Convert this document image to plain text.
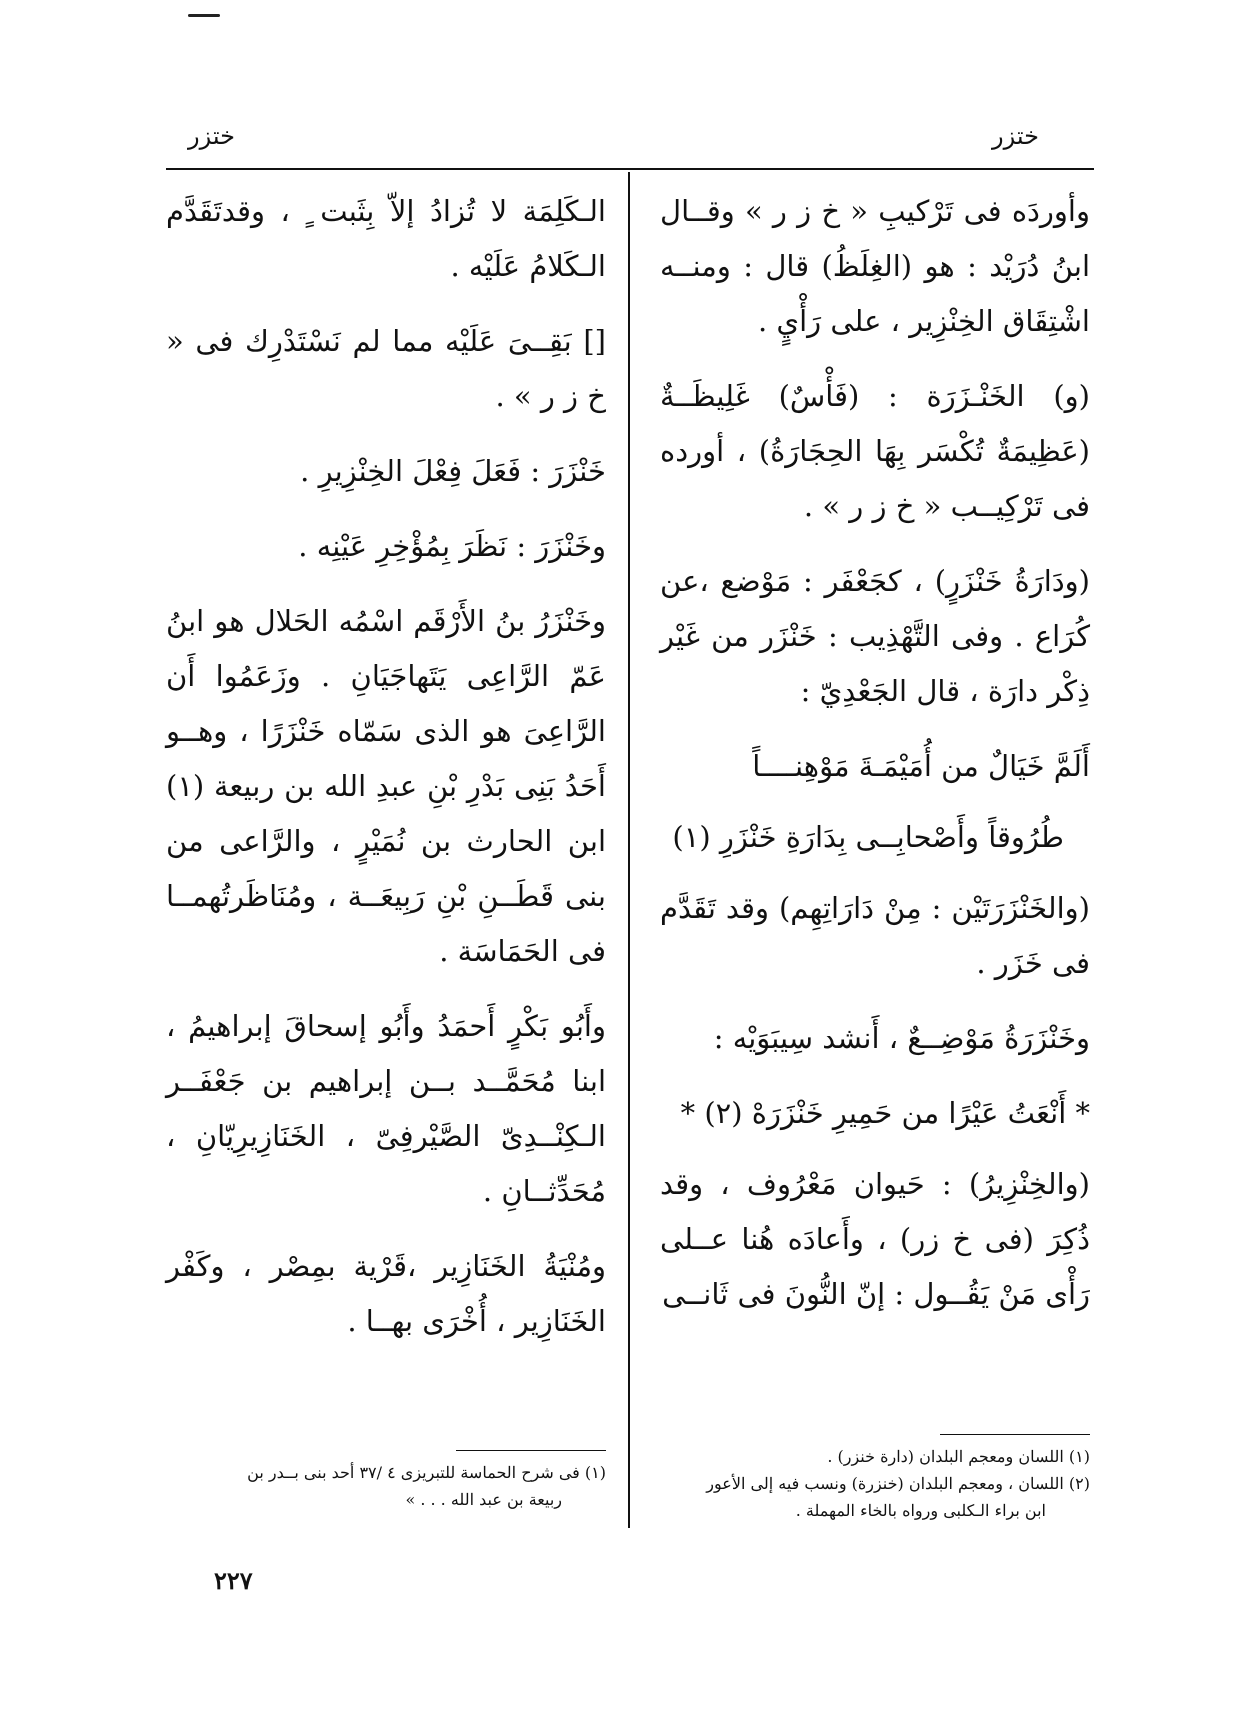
ختزر	ختزر

وأوردَه فى تَرْكيبِ « خ ز ر » وقــال ابنُ دُرَيْد : هو (الغِلَظُ) قال : ومنــه اشْتِقَاق الخِنْزِير ، على رَأْيٍ .

(و) الخَنْـزَرَة : (فَأْسٌ) غَلِيظَــةٌ (عَظِيمَةٌ تُكْسَر بِهَا الحِجَارَةُ) ، أورده فى تَرْكِيــب « خ ز ر » .

(ودَارَةُ خَنْزَرٍ) ، كجَعْفَر : مَوْضع ،عن كُرَاع . وفى التَّهْذِيب : خَنْزَر من غَيْر ذِكْر دارَة ، قال الجَعْدِيّ :

أَلَمَّ خَيَالٌ من أُمَيْمَـةَ مَوْهِنــــاً

طُرُوقاً وأَصْحابِــى بِدَارَةِ خَنْزَرِ (١)

(والخَنْزَرَتَيْن : مِنْ دَارَاتِهِم) وقد تَقَدَّم فى خَزَر .

وخَنْزَرَةُ مَوْضِــعٌ ، أَنشد سِيبَوَيْه :

* أَنْعَتُ عَيْرًا من حَمِيرِ خَنْزَرَهْ (٢) *

(والخِنْزِيرُ) : حَيوان مَعْرُوف ، وقد ذُكِرَ (فى خ زر) ، وأَعادَه هُنا عــلى رَأْى مَنْ يَقُــول : إنّ النُّونَ فى ثَانــى

الـكَلِمَة لا تُزادُ إلاّ بِثَبت ٍ ، وقدتَقَدَّم الـكَلامُ عَلَيْه .

[] بَقِــىَ عَلَيْه مما لم نَسْتَدْرِك فى « خ ز ر » .

خَنْزَرَ : فَعَلَ فِعْلَ الخِنْزِيرِ .

وخَنْزَرَ : نَظَرَ بِمُؤْخِرِ عَيْنِه .

وخَنْزَرُ بنُ الأَرْقَم اسْمُه الحَلال هو ابنُ عَمّ الرَّاعِى يَتَهاجَيَانِ . وزَعَمُوا أَن الرَّاعِىَ هو الذى سَمّاه خَنْزَرًا ، وهــو أَحَدُ بَنِى بَدْرِ بْنِ عبدِ الله بن ربيعة (١) ابن الحارث بن نُمَيْرٍ ، والرَّاعى من بنى قَطَــنِ بْنِ رَبِيعَــة ، ومُنَاظَرتُهمــا فى الحَمَاسَة .

وأَبُو بَكْرٍ أَحمَدُ وأَبُو إسحاقَ إبراهيمُ ، ابنا مُحَمَّــد بــن إبراهيم بن جَعْفَــر الـكِنْــدِىّ الصَّيْرفِىّ ، الخَنَازِيرِيّانِ ، مُحَدِّثــانِ .

ومُنْيَةُ الخَنَازِير ،قَرْية بمِصْر ، وكَفْر الخَنَازِير ، أُخْرَى بهــا .

(١) اللسان ومعجم البلدان (دارة خنزر) .

(٢) اللسان ، ومعجم البلدان (خنزرة) ونسب فيه إلى الأعور

ابن براء الـكلبى ورواه بالخاء المهملة .

(١) فى شرح الحماسة للتبريزى ٤ /٣٧ أحد بنى بــدر بن

ربيعة بن عبد الله . . . »

٢٢٧
